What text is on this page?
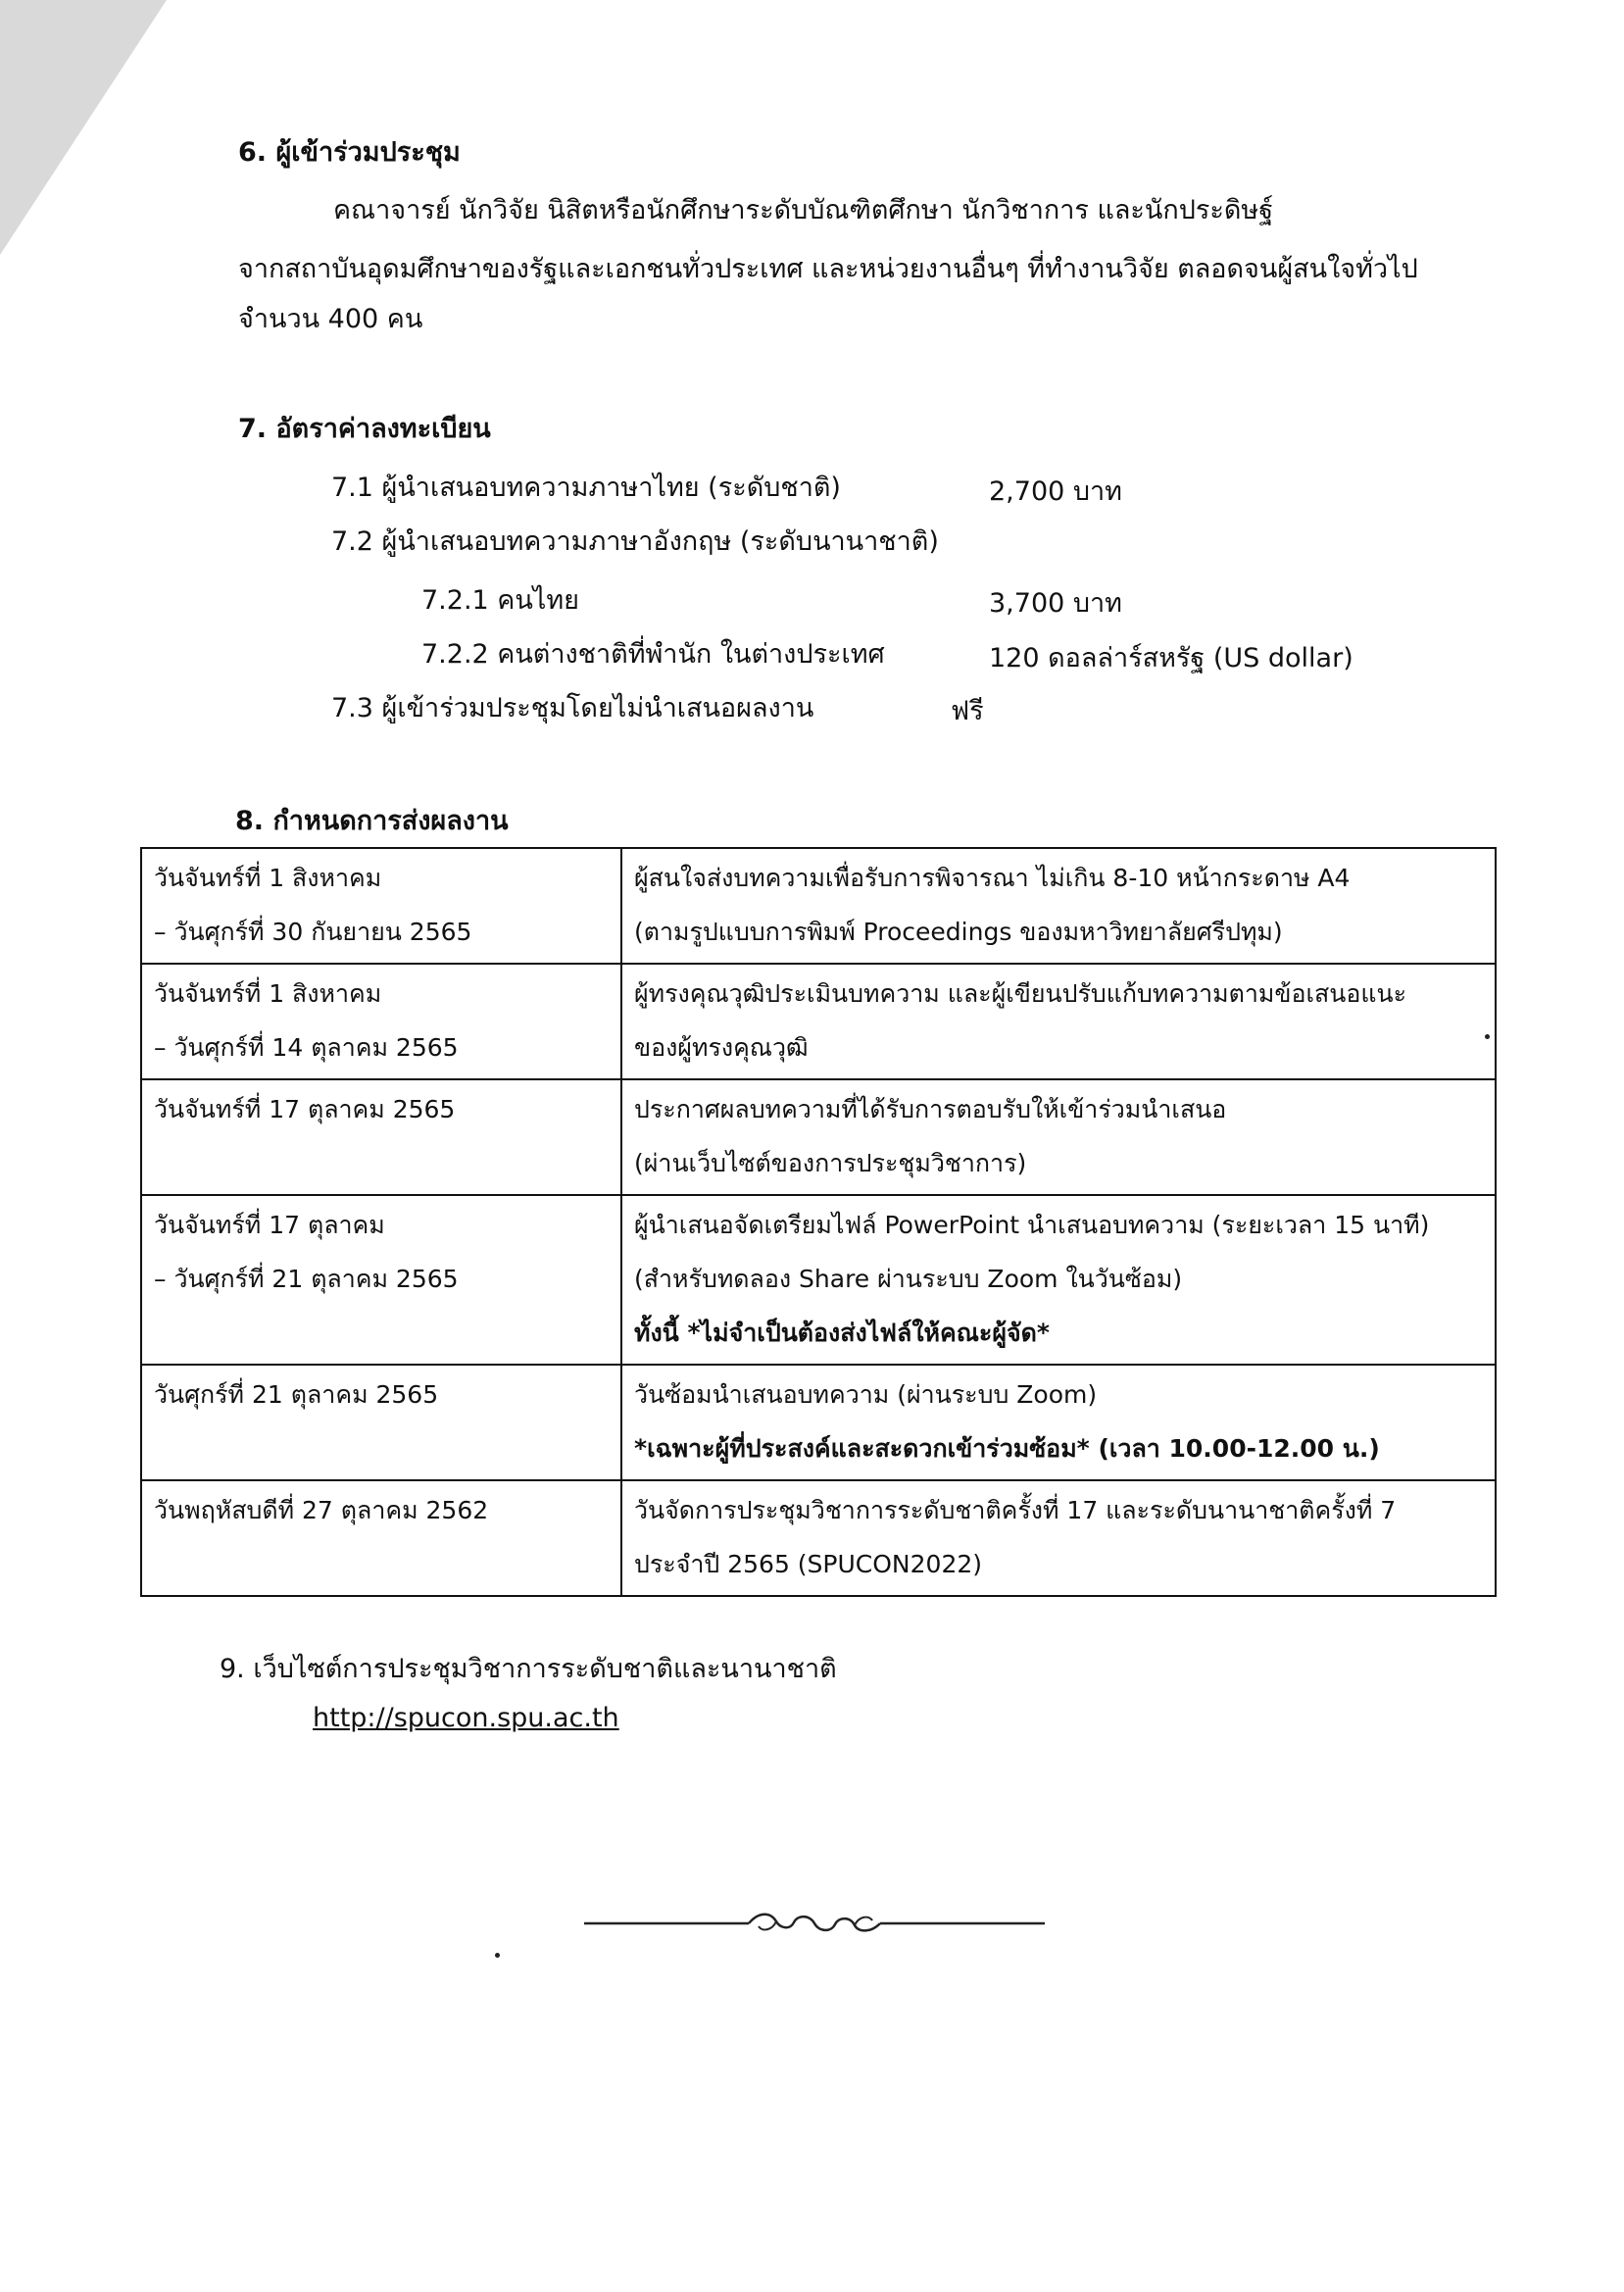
6. ผู้เข้าร่วมประชุม
คณาจารย์ นักวิจัย นิสิตหรือนักศึกษาระดับบัณฑิตศึกษา นักวิชาการ และนักประดิษฐ์
จากสถาบันอุดมศึกษาของรัฐและเอกชนทั่วประเทศ และหน่วยงานอื่นๆ ที่ทำงานวิจัย ตลอดจนผู้สนใจทั่วไป
จำนวน 400 คน
7. อัตราค่าลงทะเบียน
7.1 ผู้นำเสนอบทความภาษาไทย (ระดับชาติ)	2,700 บาท
7.2 ผู้นำเสนอบทความภาษาอังกฤษ (ระดับนานาชาติ)
7.2.1 คนไทย	3,700 บาท
7.2.2 คนต่างชาติที่พำนัก ในต่างประเทศ	120 ดอลล่าร์สหรัฐ (US dollar)
7.3 ผู้เข้าร่วมประชุมโดยไม่นำเสนอผลงาน	ฟรี
8. กำหนดการส่งผลงาน
วันจันทร์ที่ 1 สิงหาคม
– วันศุกร์ที่ 30 กันยายน 2565	ผู้สนใจส่งบทความเพื่อรับการพิจารณา ไม่เกิน 8-10 หน้ากระดาษ A4
(ตามรูปแบบการพิมพ์ Proceedings ของมหาวิทยาลัยศรีปทุม)

วันจันทร์ที่ 1 สิงหาคม
– วันศุกร์ที่ 14 ตุลาคม 2565	ผู้ทรงคุณวุฒิประเมินบทความ และผู้เขียนปรับแก้บทความตามข้อเสนอแนะ
ของผู้ทรงคุณวุฒิ

วันจันทร์ที่ 17 ตุลาคม 2565	ประกาศผลบทความที่ได้รับการตอบรับให้เข้าร่วมนำเสนอ
(ผ่านเว็บไซต์ของการประชุมวิชาการ)

วันจันทร์ที่ 17 ตุลาคม
– วันศุกร์ที่ 21 ตุลาคม 2565	ผู้นำเสนอจัดเตรียมไฟล์ PowerPoint นำเสนอบทความ (ระยะเวลา 15 นาที)
(สำหรับทดลอง Share ผ่านระบบ Zoom ในวันซ้อม)
ทั้งนี้ *ไม่จำเป็นต้องส่งไฟล์ให้คณะผู้จัด*

วันศุกร์ที่ 21 ตุลาคม 2565	วันซ้อมนำเสนอบทความ (ผ่านระบบ Zoom)
*เฉพาะผู้ที่ประสงค์และสะดวกเข้าร่วมซ้อม* (เวลา 10.00-12.00 น.)

วันพฤหัสบดีที่ 27 ตุลาคม 2562	วันจัดการประชุมวิชาการระดับชาติครั้งที่ 17 และระดับนานาชาติครั้งที่ 7
ประจำปี 2565 (SPUCON2022)
9. เว็บไซต์การประชุมวิชาการระดับชาติและนานาชาติ
http://spucon.spu.ac.th
